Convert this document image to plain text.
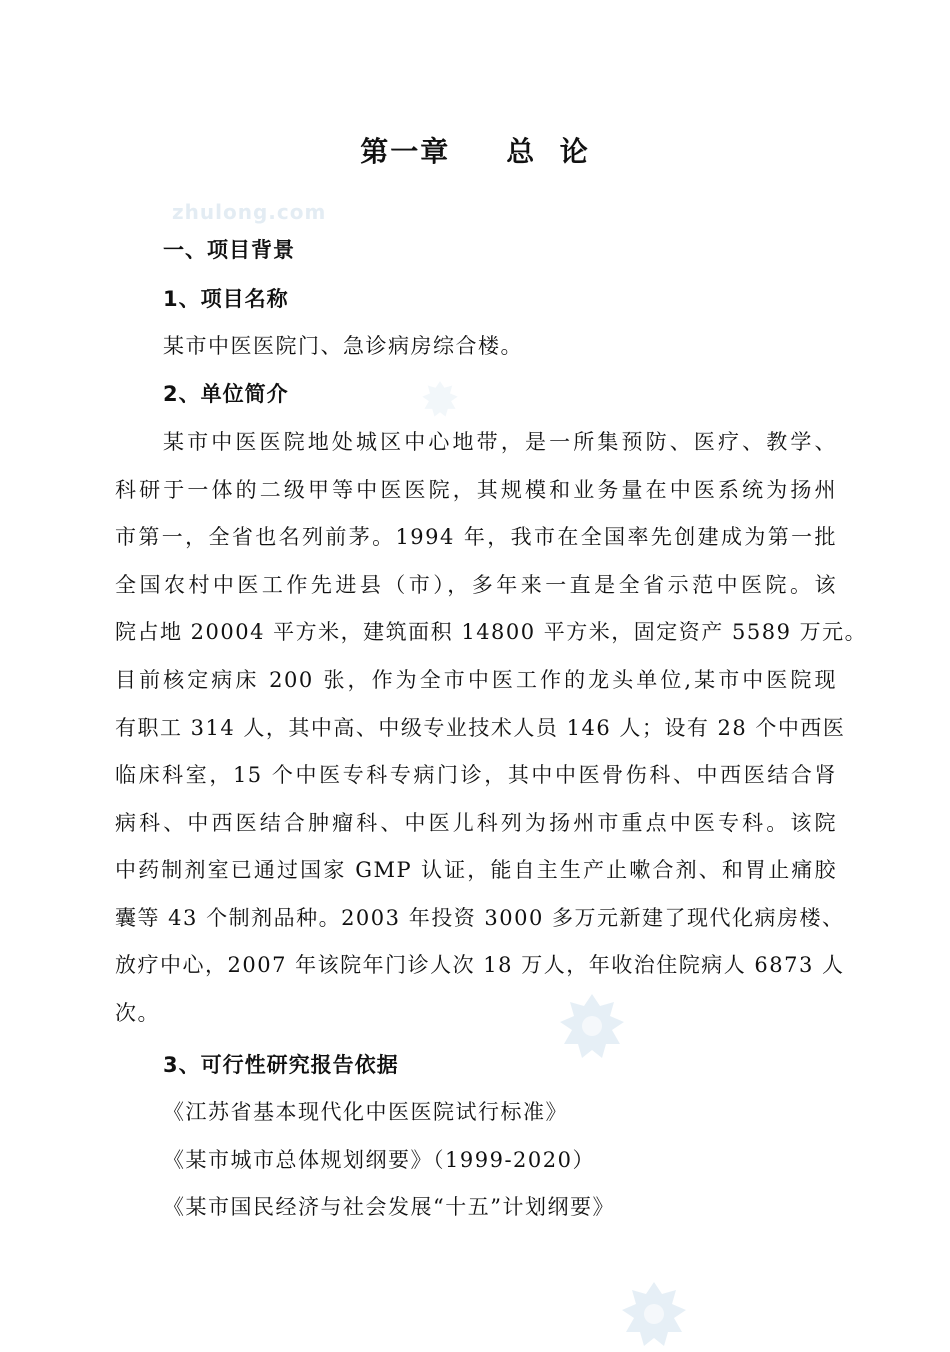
第一章 总  论
zhulong.com
一、项目背景
1、项目名称
某市中医医院门、急诊病房综合楼。
2、单位简介
某市中医医院地处城区中心地带，是一所集预防、医疗、教学、
科研于一体的二级甲等中医医院，其规模和业务量在中医系统为扬州
市第一，全省也名列前茅。1994 年，我市在全国率先创建成为第一批
全国农村中医工作先进县（市），多年来一直是全省示范中医院。该
院占地 20004 平方米，建筑面积 14800 平方米，固定资产 5589 万元。
目前核定病床 200 张，作为全市中医工作的龙头单位,某市中医院现
有职工 314 人，其中高、中级专业技术人员 146 人；设有 28 个中西医
临床科室，15 个中医专科专病门诊，其中中医骨伤科、中西医结合肾
病科、中西医结合肿瘤科、中医儿科列为扬州市重点中医专科。该院
中药制剂室已通过国家 GMP 认证，能自主生产止嗽合剂、和胃止痛胶
囊等 43 个制剂品种。2003 年投资 3000 多万元新建了现代化病房楼、
放疗中心，2007 年该院年门诊人次 18 万人，年收治住院病人 6873 人
次。
3、可行性研究报告依据
《江苏省基本现代化中医医院试行标准》
《某市城市总体规划纲要》（1999-2020）
《某市国民经济与社会发展“十五”计划纲要》
